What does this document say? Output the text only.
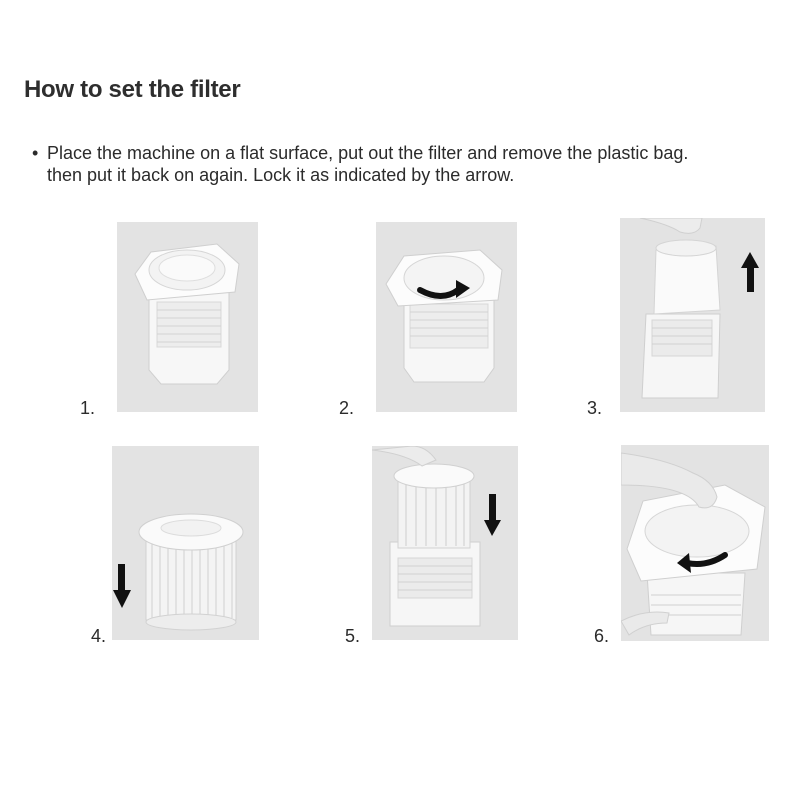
How to set the filter
• Place the machine on a flat surface, put out the filter and remove the plastic bag.
then put it back on again. Lock it as indicated by the arrow.
1.	2.	3.
4.	5.	6.
